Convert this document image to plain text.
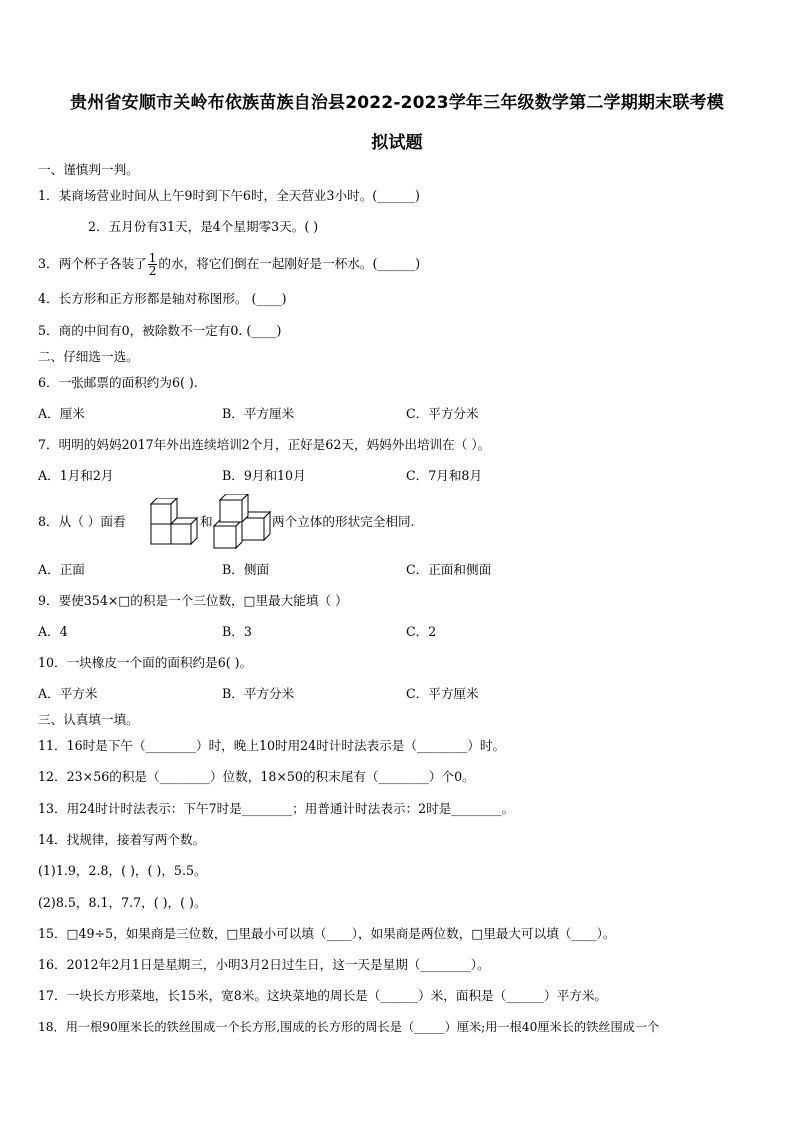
贵州省安顺市关岭布依族苗族自治县2022-2023学年三年级数学第二学期期末联考模
拟试题
一、谨慎判一判。
1．某商场营业时间从上午9时到下午6时，全天营业3小时。(______)
2．五月份有31天，是4个星期零3天。( )
3．两个杯子各装了 $\frac{1}{2}$ 的水，将它们倒在一起刚好是一杯水。(______)
4．长方形和正方形都是轴对称图形。 (____)
5．商的中间有0，被除数不一定有0. (____)
二、仔细选一选。
6．一张邮票的面积约为6( ).
A．厘米	B．平方厘米	C．平方分米
7．明明的妈妈2017年外出连续培训2个月，正好是62天，妈妈外出培训在（ ）。
A．1月和2月	B．9月和10月	C．7月和8月
8．从（ ）面看	和	两个立体的形状完全相同.
A．正面	B．侧面	C．正面和侧面
9．要使354×□的积是一个三位数，□里最大能填（ ）
A．4	B．3	C．2
10．一块橡皮一个面的面积约是6( )。
A．平方米	B．平方分米	C．平方厘米
三、认真填一填。
11．16时是下午（________）时，晚上10时用24时计时法表示是（________）时。
12．23×56的积是（________）位数，18×50的积末尾有（________）个0。
13．用24时计时法表示：下午7时是________；用普通计时法表示：2时是________。
14．找规律，接着写两个数。
(1)1.9，2.8，( )，( )，5.5。
(2)8.5，8.1，7.7，( )，( )。
15．□49÷5，如果商是三位数，□里最小可以填（____），如果商是两位数，□里最大可以填（____）。
16．2012年2月1日是星期三，小明3月2日过生日，这一天是星期（________）。
17．一块长方形菜地，长15米，宽8米。这块菜地的周长是（______）米，面积是（______）平方米。
18．用一根90厘米长的铁丝围成一个长方形,围成的长方形的周长是（_____）厘米;用一根40厘米长的铁丝围成一个
